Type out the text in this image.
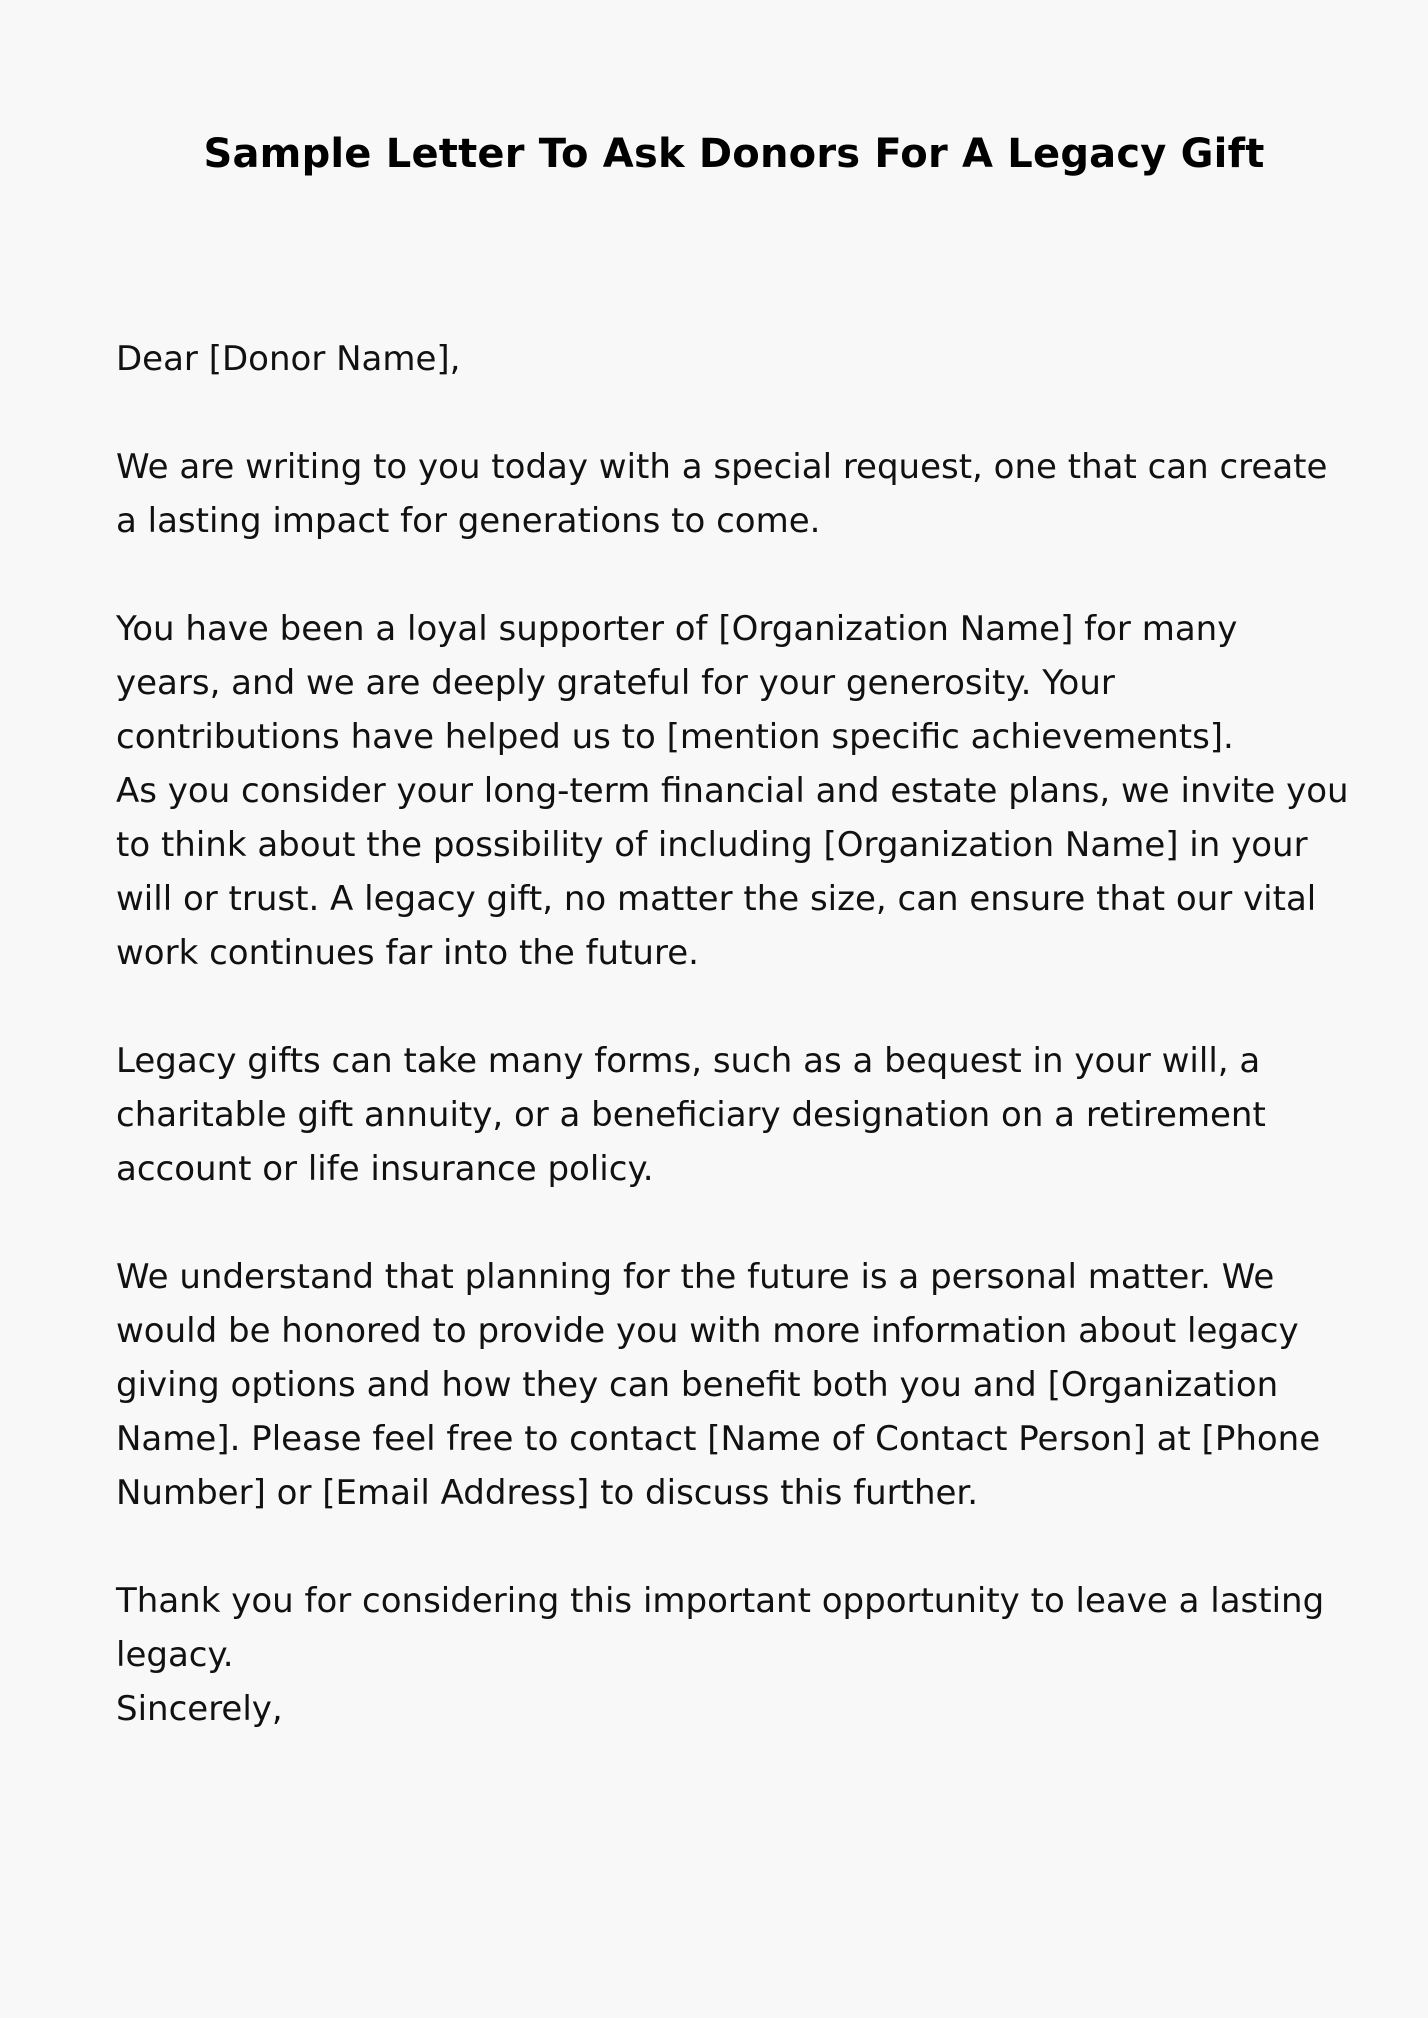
Sample Letter To Ask Donors For A Legacy Gift
Dear [Donor Name],
We are writing to you today with a special request, one that can create
a lasting impact for generations to come.
You have been a loyal supporter of [Organization Name] for many
years, and we are deeply grateful for your generosity. Your
contributions have helped us to [mention specific achievements].
As you consider your long-term financial and estate plans, we invite you
to think about the possibility of including [Organization Name] in your
will or trust. A legacy gift, no matter the size, can ensure that our vital
work continues far into the future.
Legacy gifts can take many forms, such as a bequest in your will, a
charitable gift annuity, or a beneficiary designation on a retirement
account or life insurance policy.
We understand that planning for the future is a personal matter. We
would be honored to provide you with more information about legacy
giving options and how they can benefit both you and [Organization
Name]. Please feel free to contact [Name of Contact Person] at [Phone
Number] or [Email Address] to discuss this further.
Thank you for considering this important opportunity to leave a lasting
legacy.
Sincerely,
